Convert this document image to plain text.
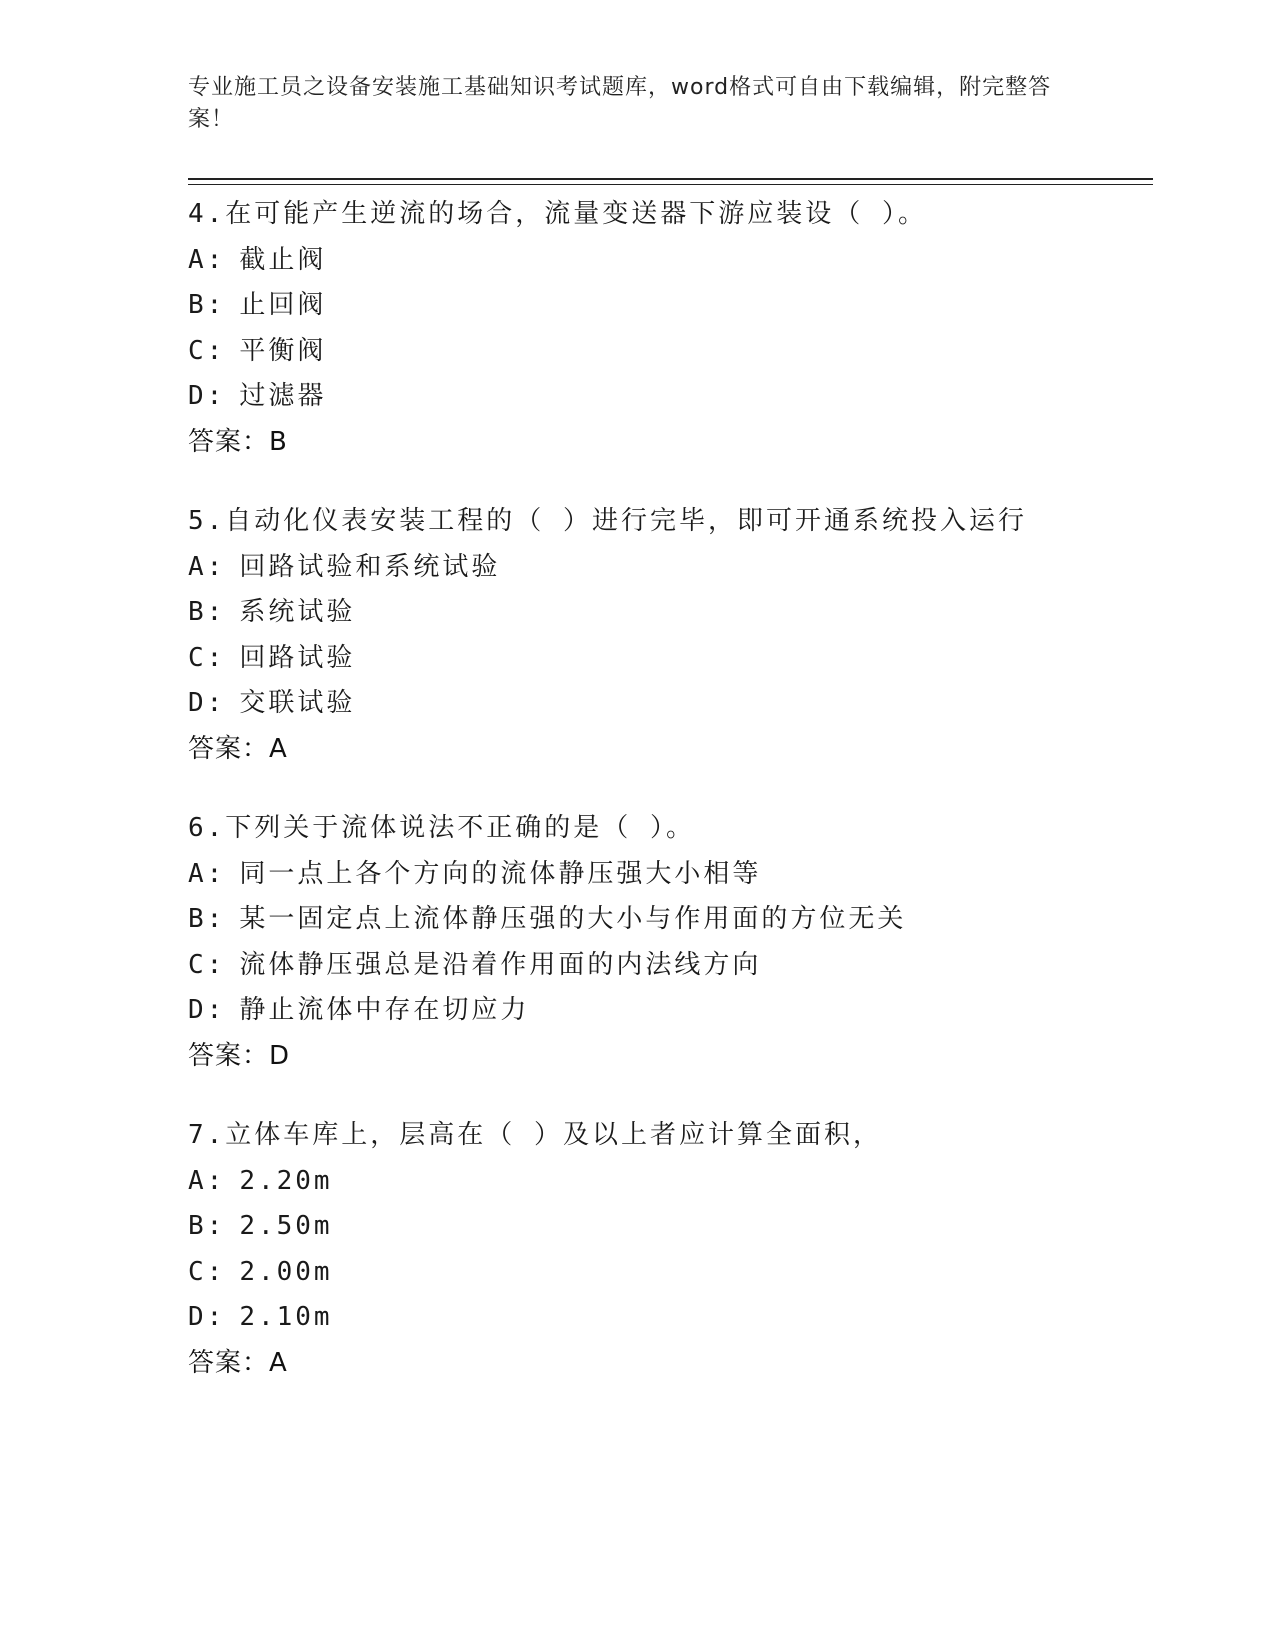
专业施工员之设备安装施工基础知识考试题库，word格式可自由下载编辑，附完整答案！
4.在可能产生逆流的场合，流量变送器下游应装设（ ）。
A: 截止阀
B: 止回阀
C: 平衡阀
D: 过滤器
答案：B
5.自动化仪表安装工程的（ ）进行完毕，即可开通系统投入运行
A: 回路试验和系统试验
B: 系统试验
C: 回路试验
D: 交联试验
答案：A
6.下列关于流体说法不正确的是（ ）。
A: 同一点上各个方向的流体静压强大小相等
B: 某一固定点上流体静压强的大小与作用面的方位无关
C: 流体静压强总是沿着作用面的内法线方向
D: 静止流体中存在切应力
答案：D
7.立体车库上，层高在（ ）及以上者应计算全面积，
A: 2.20m
B: 2.50m
C: 2.00m
D: 2.10m
答案：A
